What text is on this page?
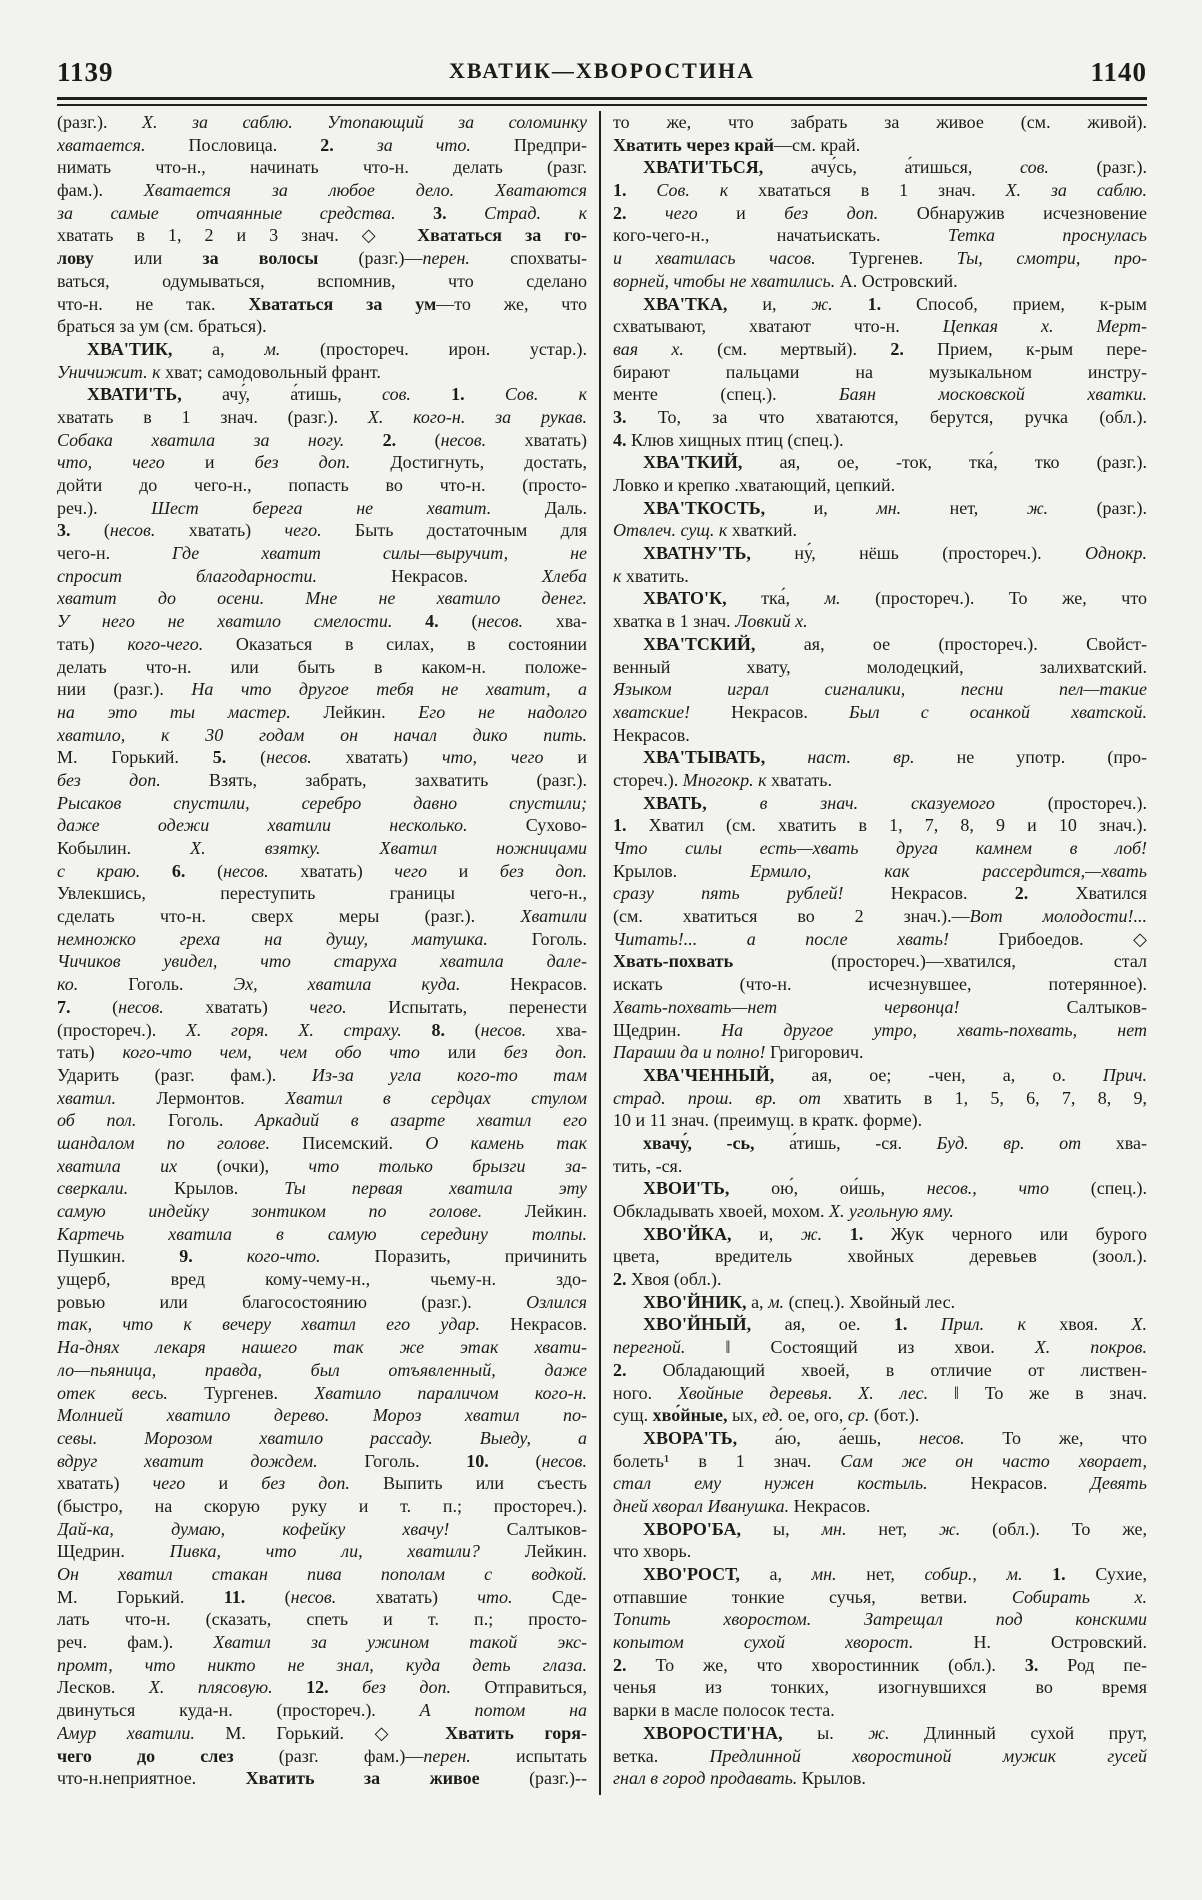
1139	ХВАТИК—ХВОРОСТИНА	1140
(разг.). Х. за саблю. Утопающий за соломинку
хватается. Пословица. 2. за что. Предпри-
нимать что-н., начинать что-н. делать (разг.
фам.). Хватается за любое дело. Хватаются
за самые отчаянные средства. 3. Страд. к
хватать в 1, 2 и 3 знач. ◇ Хвататься за го-
лову или за волосы (разг.)—перен. спохваты-
ваться, одумываться, вспомнив, что сделано
что-н. не так. Хвататься за ум—то же, что
браться за ум (см. браться).
ХВА'ТИК, а, м. (простореч. ирон. устар.).
Уничижит. к хват; самодовольный франт.
ХВАТИ'ТЬ, ачу́, а́тишь, сов. 1. Сов. к
хватать в 1 знач. (разг.). Х. кого-н. за рукав.
Собака хватила за ногу. 2. (несов. хватать)
что, чего и без доп. Достигнуть, достать,
дойти до чего-н., попасть во что-н. (просто-
реч.). Шест берега не хватит. Даль.
3. (несов. хватать) чего. Быть достаточным для
чего-н. Где хватит силы—выручит, не
спросит благодарности. Некрасов. Хлеба
хватит до осени. Мне не хватило денег.
У него не хватило смелости. 4. (несов. хва-
тать) кого-чего. Оказаться в силах, в состоянии
делать что-н. или быть в каком-н. положе-
нии (разг.). На что другое тебя не хватит, а
на это ты мастер. Лейкин. Его не надолго
хватило, к 30 годам он начал дико пить.
М. Горький. 5. (несов. хватать) что, чего и
без доп. Взять, забрать, захватить (разг.).
Рысаков спустили, серебро давно спустили;
даже одежи хватили несколько. Сухово-
Кобылин. Х. взятку. Хватил ножницами
с краю. 6. (несов. хватать) чего и без доп.
Увлекшись, переступить границы чего-н.,
сделать что-н. сверх меры (разг.). Хватили
немножко греха на душу, матушка. Гоголь.
Чичиков увидел, что старуха хватила дале-
ко. Гоголь. Эх, хватила куда. Некрасов.
7. (несов. хватать) чего. Испытать, перенести
(простореч.). Х. горя. Х. страху. 8. (несов. хва-
тать) кого-что чем, чем обо что или без доп.
Ударить (разг. фам.). Из-за угла кого-то там
хватил. Лермонтов. Хватил в сердцах стулом
об пол. Гоголь. Аркадий в азарте хватил его
шандалом по голове. Писемский. О камень так
хватила их (очки), что только брызги за-
сверкали. Крылов. Ты первая хватила эту
самую индейку зонтиком по голове. Лейкин.
Картечь хватила в самую середину толпы.
Пушкин. 9. кого-что. Поразить, причинить
ущерб, вред кому-чему-н., чьему-н. здо-
ровью или благосостоянию (разг.). Озлился
так, что к вечеру хватил его удар. Некрасов.
На-днях лекаря нашего так же этак хвати-
ло—пьяница, правда, был отъявленный, даже
отек весь. Тургенев. Хватило параличом кого-н.
Молнией хватило дерево. Мороз хватил по-
севы. Морозом хватило рассаду. Выеду, а
вдруг хватит дождем. Гоголь. 10. (несов.
хватать) чего и без доп. Выпить или съесть
(быстро, на скорую руку и т. п.; простореч.).
Дай-ка, думаю, кофейку хвачу! Салтыков-
Щедрин. Пивка, что ли, хватили? Лейкин.
Он хватил стакан пива пополам с водкой.
М. Горький. 11. (несов. хватать) что. Сде-
лать что-н. (сказать, спеть и т. п.; просто-
реч. фам.). Хватил за ужином такой экс-
промт, что никто не знал, куда деть глаза.
Лесков. Х. плясовую. 12. без доп. Отправиться,
двинуться куда-н. (простореч.). А потом на
Амур хватили. М. Горький. ◇ Хватить горя-
чего до слез (разг. фам.)—перен. испытать
что-н.неприятное. Хватить за живое (разг.)--
то же, что забрать за живое (см. живой).
Хватить через край—см. край.
ХВАТИ'ТЬСЯ, ачу́сь, а́тишься, сов. (разг.).
1. Сов. к хвататься в 1 знач. Х. за саблю.
2. чего и без доп. Обнаружив исчезновение
кого-чего-н., начатьискать. Тетка проснулась
и хватилась часов. Тургенев. Ты, смотри, про-
ворней, чтобы не хватились. А. Островский.
ХВА'ТКА, и, ж. 1. Способ, прием, к-рым
схватывают, хватают что-н. Цепкая х. Мерт-
вая х. (см. мертвый). 2. Прием, к-рым пере-
бирают пальцами на музыкальном инстру-
менте (спец.). Баян московской хватки.
3. То, за что хватаются, берутся, ручка (обл.).
4. Клюв хищных птиц (спец.).
ХВА'ТКИЙ, ая, ое, -ток, тка́, тко (разг.).
Ловко и крепко .хватающий, цепкий.
ХВА'ТКОСТЬ, и, мн. нет, ж. (разг.).
Отвлеч. сущ. к хваткий.
ХВАТНУ'ТЬ, ну́, нёшь (простореч.). Однокр.
к хватить.
ХВАТО'К, тка́, м. (простореч.). То же, что
хватка в 1 знач. Ловкий х.
ХВА'ТСКИЙ, ая, ое (простореч.). Свойст-
венный хвату, молодецкий, залихватский.
Языком играл сигналики, песни пел—такие
хватские! Некрасов. Был с осанкой хватской.
Некрасов.
ХВА'ТЫВАТЬ, наст. вр. не употр. (про-
стореч.). Многокр. к хватать.
ХВАТЬ, в знач. сказуемого (простореч.).
1. Хватил (см. хватить в 1, 7, 8, 9 и 10 знач.).
Что силы есть—хвать друга камнем в лоб!
Крылов. Ермило, как рассердится,—хвать
сразу пять рублей! Некрасов. 2. Хватился
(см. хватиться во 2 знач.).—Вот молодости!...
Читать!... а после хвать! Грибоедов. ◇
Хвать-похвать (простореч.)—хватился, стал
искать (что-н. исчезнувшее, потерянное).
Хвать-похвать—нет червонца! Салтыков-
Щедрин. На другое утро, хвать-похвать, нет
Параши да и полно! Григорович.
ХВА'ЧЕННЫЙ, ая, ое; -чен, а, о. Прич.
страд. прош. вр. от хватить в 1, 5, 6, 7, 8, 9,
10 и 11 знач. (преимущ. в кратк. форме).
хвачу́, -сь, а́тишь, -ся. Буд. вр. от хва-
тить, -ся.
ХВОИ'ТЬ, ою́, ои́шь, несов., что (спец.).
Обкладывать хвоей, мохом. Х. угольную яму.
ХВО'ЙКА, и, ж. 1. Жук черного или бурого
цвета, вредитель хвойных деревьев (зоол.).
2. Хвоя (обл.).
ХВО'ЙНИК, а, м. (спец.). Хвойный лес.
ХВО'ЙНЫЙ, ая, ое. 1. Прил. к хвоя. Х.
перегной. ‖ Состоящий из хвои. Х. покров.
2. Обладающий хвоей, в отличие от листвен-
ного. Хвойные деревья. Х. лес. ‖ То же в знач.
сущ. хво́йные, ых, ед. ое, ого, ср. (бот.).
ХВОРА'ТЬ, а́ю, а́ешь, несов. То же, что
болеть¹ в 1 знач. Сам же он часто хворает,
стал ему нужен костыль. Некрасов. Девять
дней хворал Иванушка. Некрасов.
ХВОРО'БА, ы, мн. нет, ж. (обл.). То же,
что хворь.
ХВО'РОСТ, а, мн. нет, собир., м. 1. Сухие,
отпавшие тонкие сучья, ветви. Собирать х.
Топить хворостом. Затрещал под конскими
копытом сухой хворост. Н. Островский.
2. То же, что хворостинник (обл.). 3. Род пе-
ченья из тонких, изогнувшихся во время
варки в масле полосок теста.
ХВОРОСТИ'НА, ы. ж. Длинный сухой прут,
ветка. Предлинной хворостиной мужик гусей
гнал в город продавать. Крылов.
